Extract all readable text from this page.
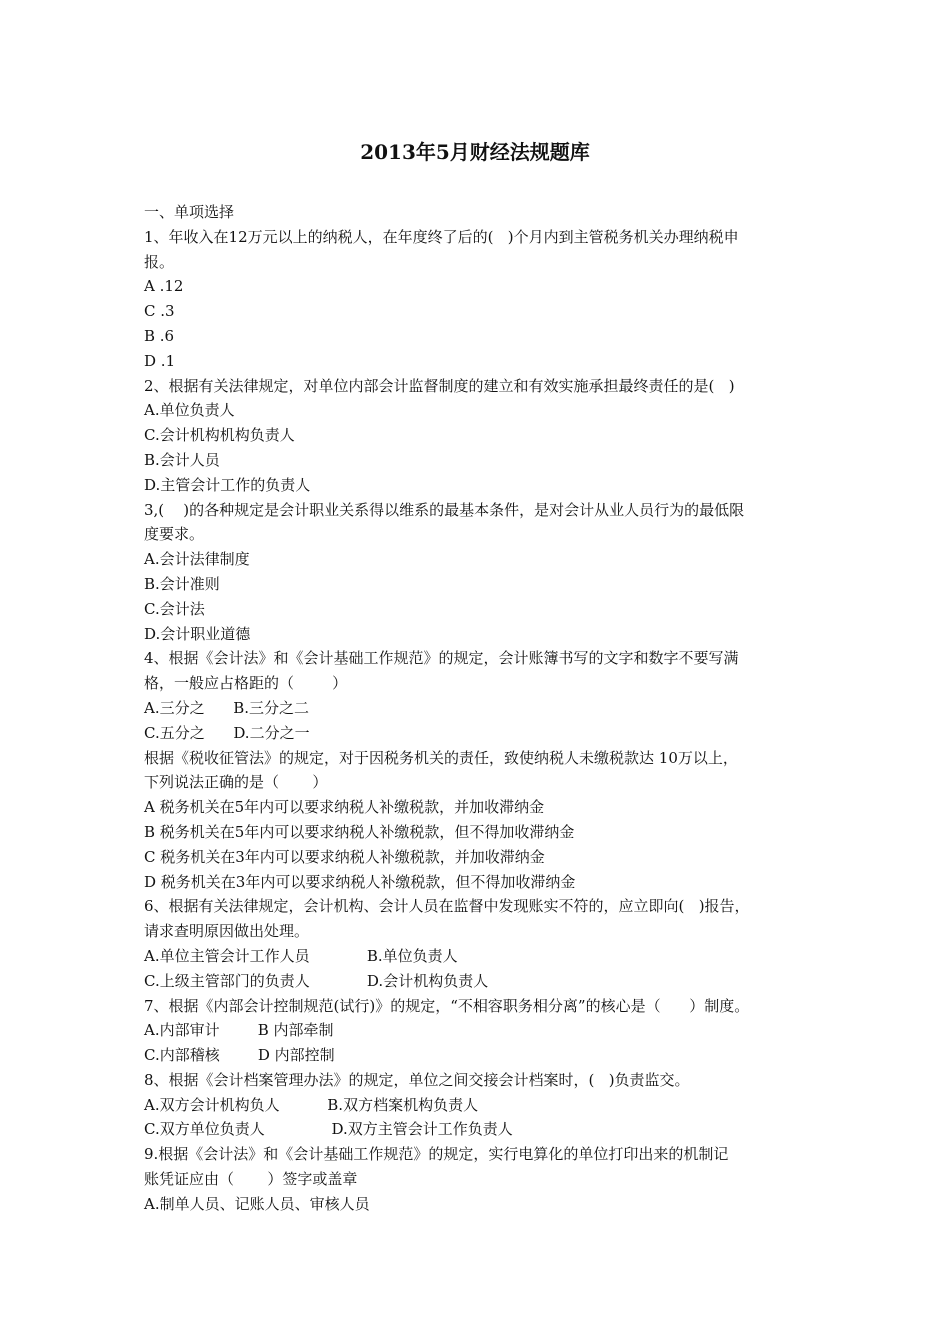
2013年5月财经法规题库
一、单项选择
1、年收入在12万元以上的纳税人，在年度终了后的(   )个月内到主管税务机关办理纳税申
报。
A .12
C .3
B .6
D .1
2、根据有关法律规定，对单位内部会计监督制度的建立和有效实施承担最终责任的是(   )
A.单位负责人
C.会计机构机构负责人
B.会计人员
D.主管会计工作的负责人
3,(    )的各种规定是会计职业关系得以维系的最基本条件，是对会计从业人员行为的最低限
度要求。
A.会计法律制度
B.会计准则
C.会计法
D.会计职业道德
4、根据《会计法》和《会计基础工作规范》的规定，会计账簿书写的文字和数字不要写满
格，一般应占格距的（        ）
A.三分之      B.三分之二
C.五分之      D.二分之一
根据《税收征管法》的规定，对于因税务机关的责任，致使纳税人未缴税款达 10万以上，
下列说法正确的是（       ）
A 税务机关在5年内可以要求纳税人补缴税款，并加收滞纳金
B 税务机关在5年内可以要求纳税人补缴税款，但不得加收滞纳金
C 税务机关在3年内可以要求纳税人补缴税款，并加收滞纳金
D 税务机关在3年内可以要求纳税人补缴税款，但不得加收滞纳金
6、根据有关法律规定，会计机构、会计人员在监督中发现账实不符的，应立即向(   )报告，
请求查明原因做出处理。
A.单位主管会计工作人员            B.单位负责人
C.上级主管部门的负责人            D.会计机构负责人
7、根据《内部会计控制规范(试行)》的规定，“不相容职务相分离”的核心是（      ）制度。
A.内部审计        B 内部牵制
C.内部稽核        D 内部控制
8、根据《会计档案管理办法》的规定，单位之间交接会计档案时，(   )负责监交。
A.双方会计机构负人          B.双方档案机构负责人
C.双方单位负责人              D.双方主管会计工作负责人
9.根据《会计法》和《会计基础工作规范》的规定，实行电算化的单位打印出来的机制记
账凭证应由（       ）签字或盖章
A.制单人员、记账人员、审核人员
